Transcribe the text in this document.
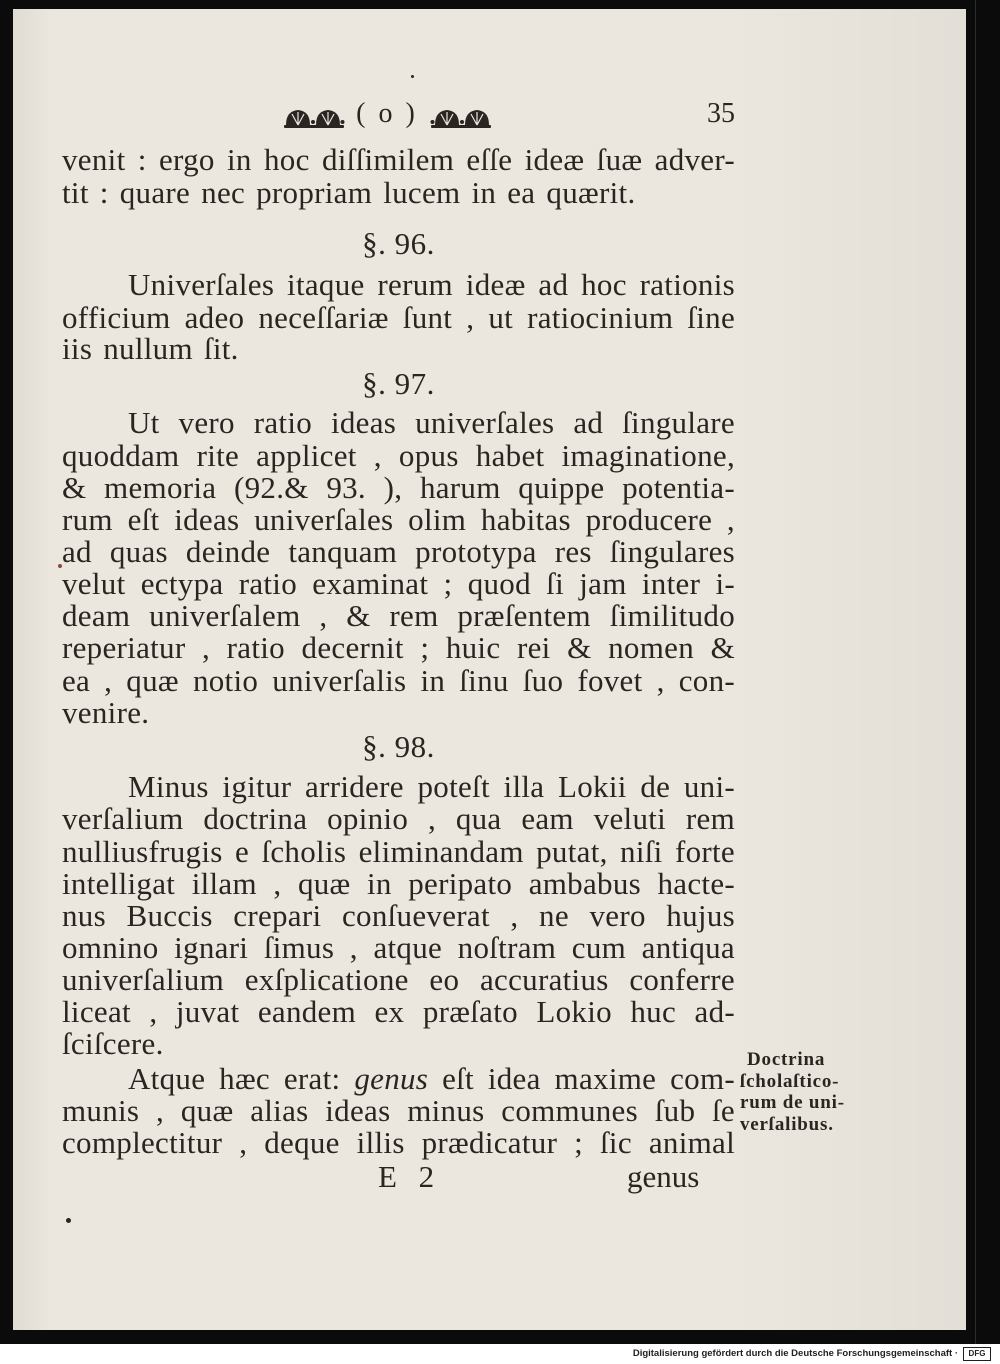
( o )	35
venit : ergo in hoc diſſimilem eſſe ideæ ſuæ adver-
tit : quare nec propriam lucem in ea quærit.
§. 96.
Univerſales itaque rerum ideæ ad hoc rationis
officium adeo neceſſariæ ſunt , ut ratiocinium ſine
iis nullum ſit.
§. 97.
Ut vero ratio ideas univerſales ad ſingulare
quoddam rite applicet , opus habet imaginatione,
& memoria (92.& 93. ), harum quippe potentia-
rum eſt ideas univerſales olim habitas producere ,
ad quas deinde tanquam prototypa res ſingulares
velut ectypa ratio examinat ; quod ſi jam inter i-
deam univerſalem , & rem præſentem ſimilitudo
reperiatur , ratio decernit ; huic rei & nomen &
ea , quæ notio univerſalis in ſinu ſuo fovet , con-
venire.
§. 98.
Minus igitur arridere poteſt illa Lokii de uni-
verſalium doctrina opinio , qua eam veluti rem
nulliusfrugis e ſcholis eliminandam putat, niſi forte
intelligat illam , quæ in peripato ambabus hacte-
nus Buccis crepari conſueverat , ne vero hujus
omnino ignari ſimus , atque noſtram cum antiqua
univerſalium exſplicatione eo accuratius conferre
liceat , juvat eandem ex præſato Lokio huc ad-
ſciſcere.
Atque hæc erat: genus eſt idea maxime com-
munis , quæ alias ideas minus communes ſub ſe
complectitur , deque illis prædicatur ; ſic animal
Doctrina
ſcholaſtico-
rum de uni-
verſalibus.
E 2	genus
Digitalisierung gefördert durch die Deutsche Forschungsgemeinschaft ·	DFG
